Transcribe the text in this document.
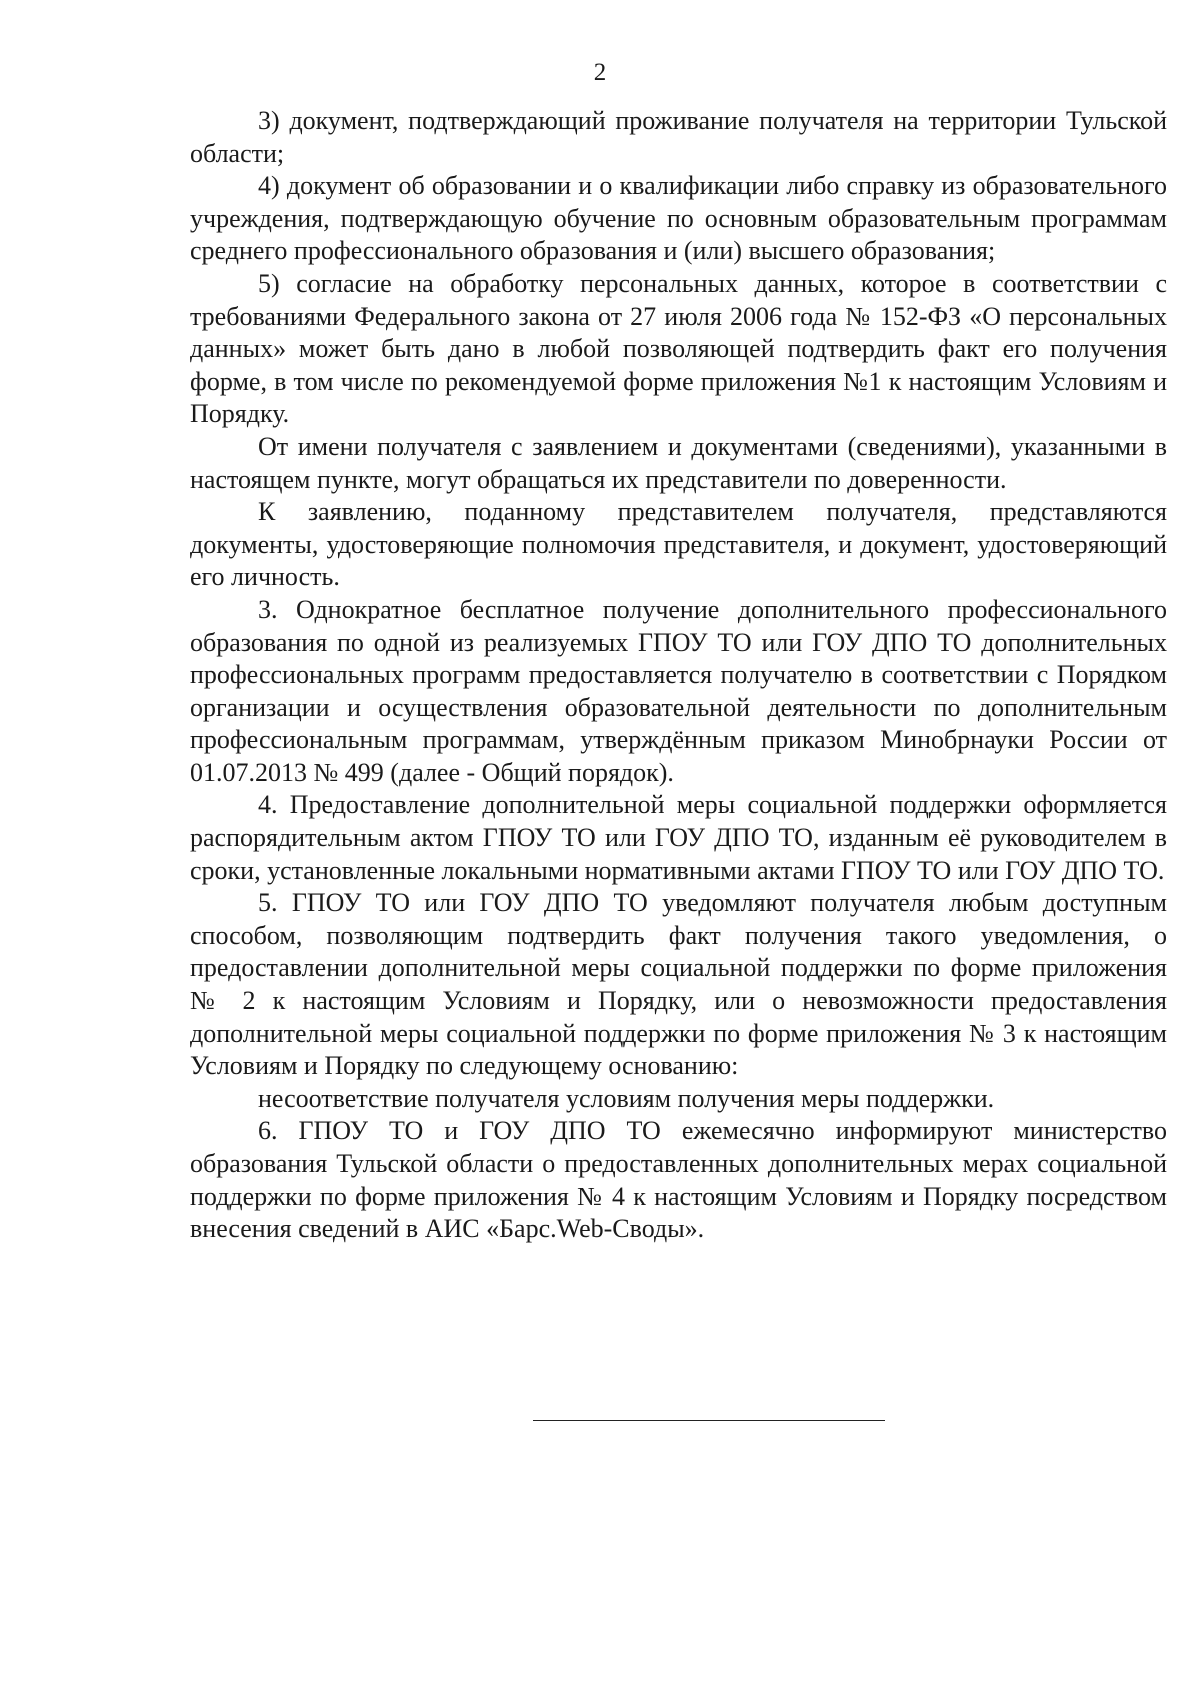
2

3) документ, подтверждающий проживание получателя на территории Тульской области;

4) документ об образовании и о квалификации либо справку из образовательного учреждения, подтверждающую обучение по основным образовательным программам среднего профессионального образования и (или) высшего образования;

5) согласие на обработку персональных данных, которое в соответствии с требованиями Федерального закона от 27 июля 2006 года № 152-ФЗ «О персональных данных» может быть дано в любой позволяющей подтвердить факт его получения форме, в том числе по рекомендуемой форме приложения №1 к настоящим Условиям и Порядку.

От имени получателя с заявлением и документами (сведениями), указанными в настоящем пункте, могут обращаться их представители по доверенности.

К заявлению, поданному представителем получателя, представляются документы, удостоверяющие полномочия представителя, и документ, удостоверяющий его личность.

3. Однократное бесплатное получение дополнительного профессионального образования по одной из реализуемых ГПОУ ТО или ГОУ ДПО ТО дополнительных профессиональных программ предоставляется получателю в соответствии с Порядком организации и осуществления образовательной деятельности по дополнительным профессиональным программам, утверждённым приказом Минобрнауки России от 01.07.2013 № 499 (далее - Общий порядок).

4. Предоставление дополнительной меры социальной поддержки оформляется распорядительным актом ГПОУ ТО или ГОУ ДПО ТО, изданным её руководителем в сроки, установленные локальными нормативными актами ГПОУ ТО или ГОУ ДПО ТО.

5. ГПОУ ТО или ГОУ ДПО ТО уведомляют получателя любым доступным способом, позволяющим подтвердить факт получения такого уведомления, о предоставлении дополнительной меры социальной поддержки по форме приложения № 2 к настоящим Условиям и Порядку, или о невозможности предоставления дополнительной меры социальной поддержки по форме приложения № 3 к настоящим Условиям и Порядку по следующему основанию:

несоответствие получателя условиям получения меры поддержки.

6. ГПОУ ТО и ГОУ ДПО ТО ежемесячно информируют министерство образования Тульской области о предоставленных дополнительных мерах социальной поддержки по форме приложения № 4 к настоящим Условиям и Порядку посредством внесения сведений в АИС «Барс.Web-Своды».
